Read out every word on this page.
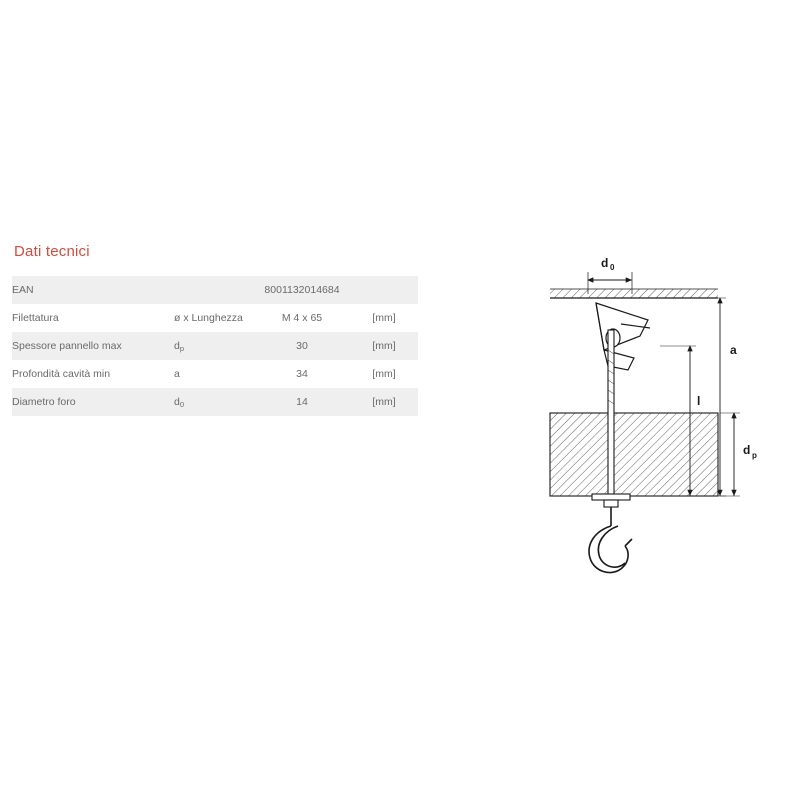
Dati tecnici
EAN		8001132014684	
Filettatura	ø x Lunghezza	M 4 x 65	[mm]
Spessore pannello max	$d_p$	30	[mm]
Profondità cavità min	a	34	[mm]
Diametro foro	$d_0$	14	[mm]
d 0
a
l
d p
